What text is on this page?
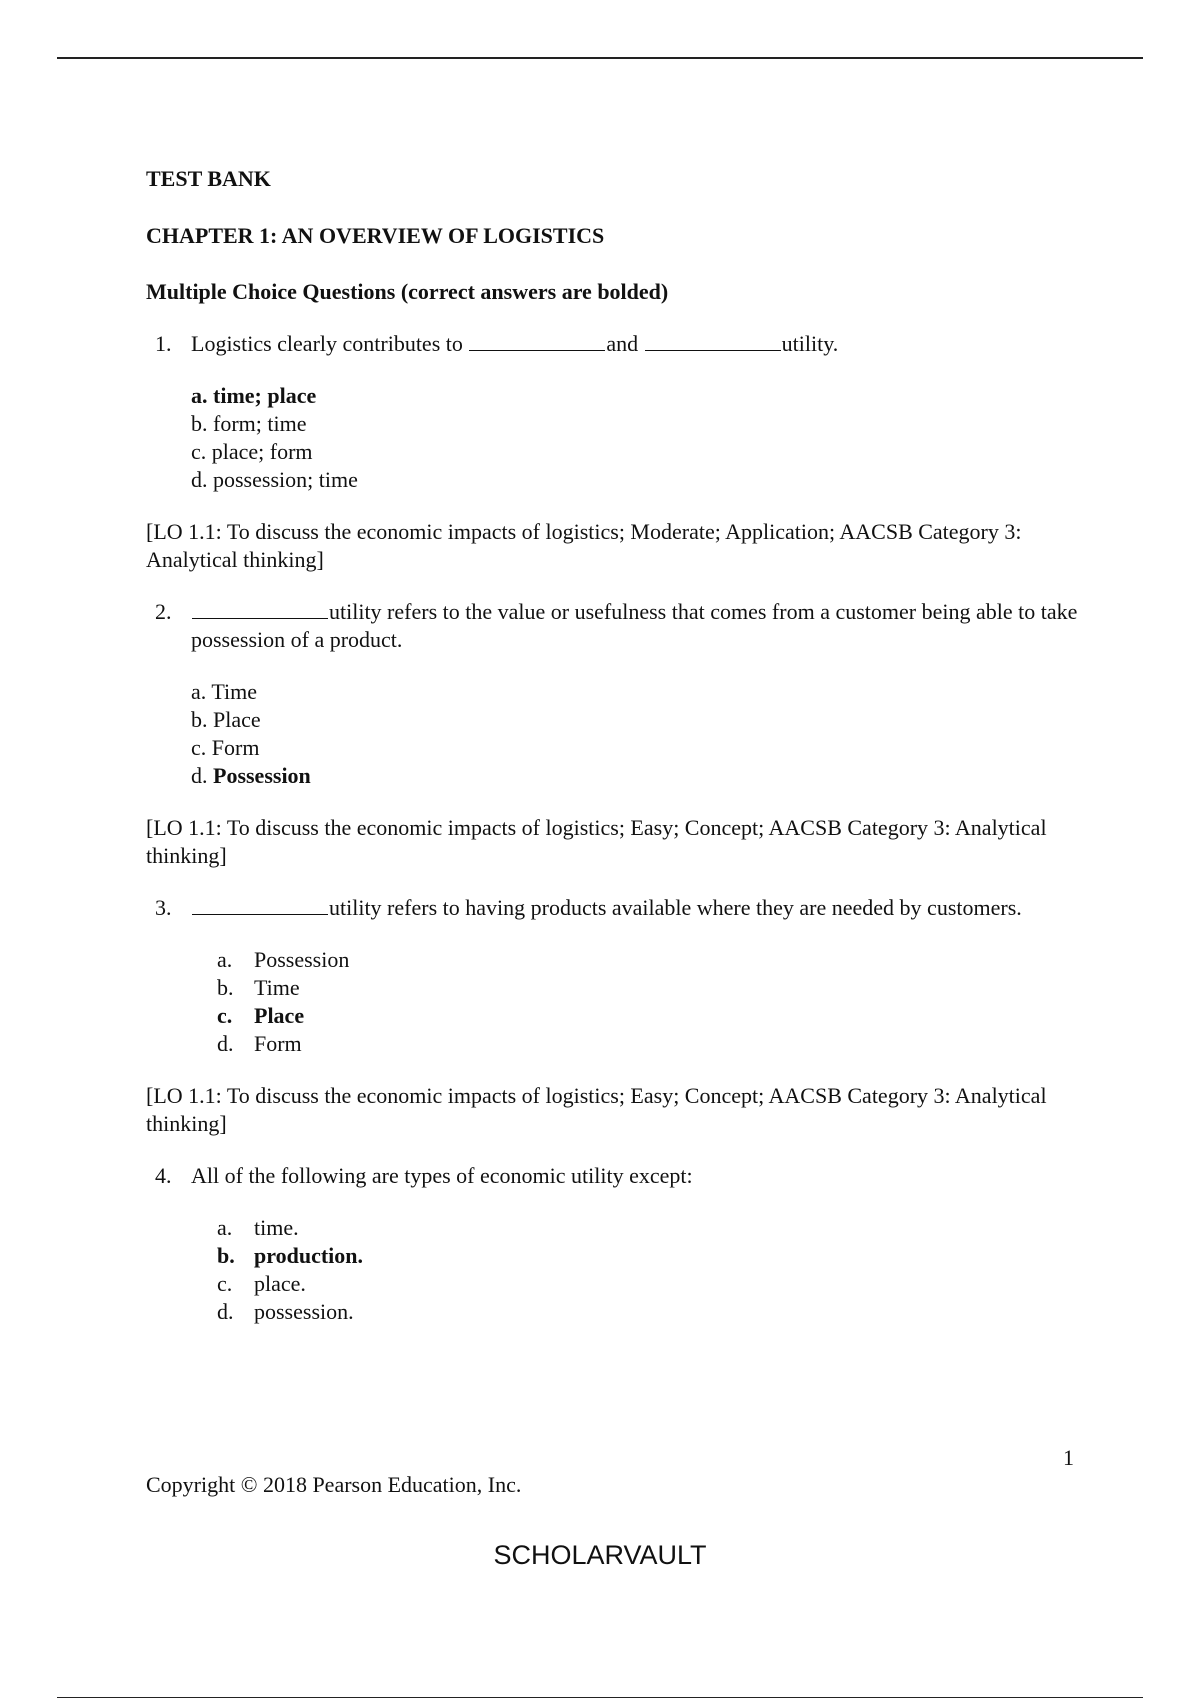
TEST BANK

CHAPTER 1: AN OVERVIEW OF LOGISTICS

Multiple Choice Questions (correct answers are bolded)

1. Logistics clearly contributes to	and	utility.
a. time; place
b. form; time
c. place; form
d. possession; time

[LO 1.1: To discuss the economic impacts of logistics; Moderate; Application; AACSB Category 3: Analytical thinking]

2.	utility refers to the value or usefulness that comes from a customer being able to take possession of a product.
a. Time
b. Place
c. Form
d. Possession

[LO 1.1: To discuss the economic impacts of logistics; Easy; Concept; AACSB Category 3: Analytical thinking]

3.	utility refers to having products available where they are needed by customers.
a. Possession
b. Time
c. Place
d. Form

[LO 1.1: To discuss the economic impacts of logistics; Easy; Concept; AACSB Category 3: Analytical thinking]

4. All of the following are types of economic utility except:
a. time.
b. production.
c. place.
d. possession.
1
Copyright © 2018 Pearson Education, Inc.
SCHOLARVAULT
